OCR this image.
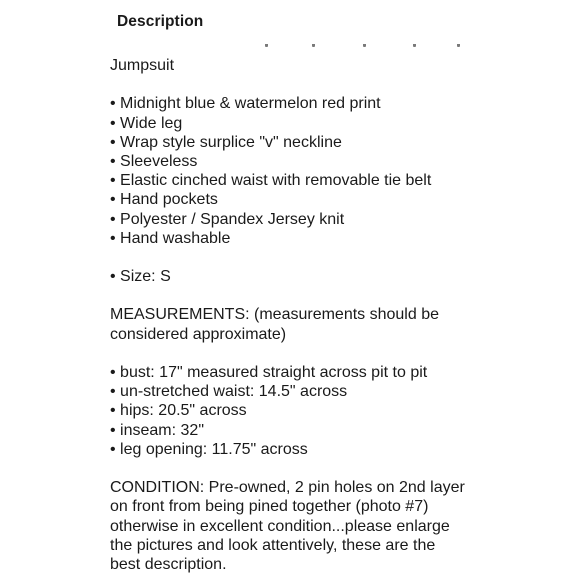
Description
Jumpsuit
• Midnight blue & watermelon red print
• Wide leg
• Wrap style surplice "v" neckline
• Sleeveless
• Elastic cinched waist with removable tie belt
• Hand pockets
• Polyester / Spandex Jersey knit
• Hand washable
• Size: S
MEASUREMENTS: (measurements should be
considered approximate)
• bust: 17" measured straight across pit to pit
• un-stretched waist: 14.5" across
• hips: 20.5" across
• inseam: 32"
• leg opening: 11.75" across
CONDITION: Pre-owned, 2 pin holes on 2nd layer
on front from being pined together (photo #7)
otherwise in excellent condition...please enlarge
the pictures and look attentively, these are the
best description.
